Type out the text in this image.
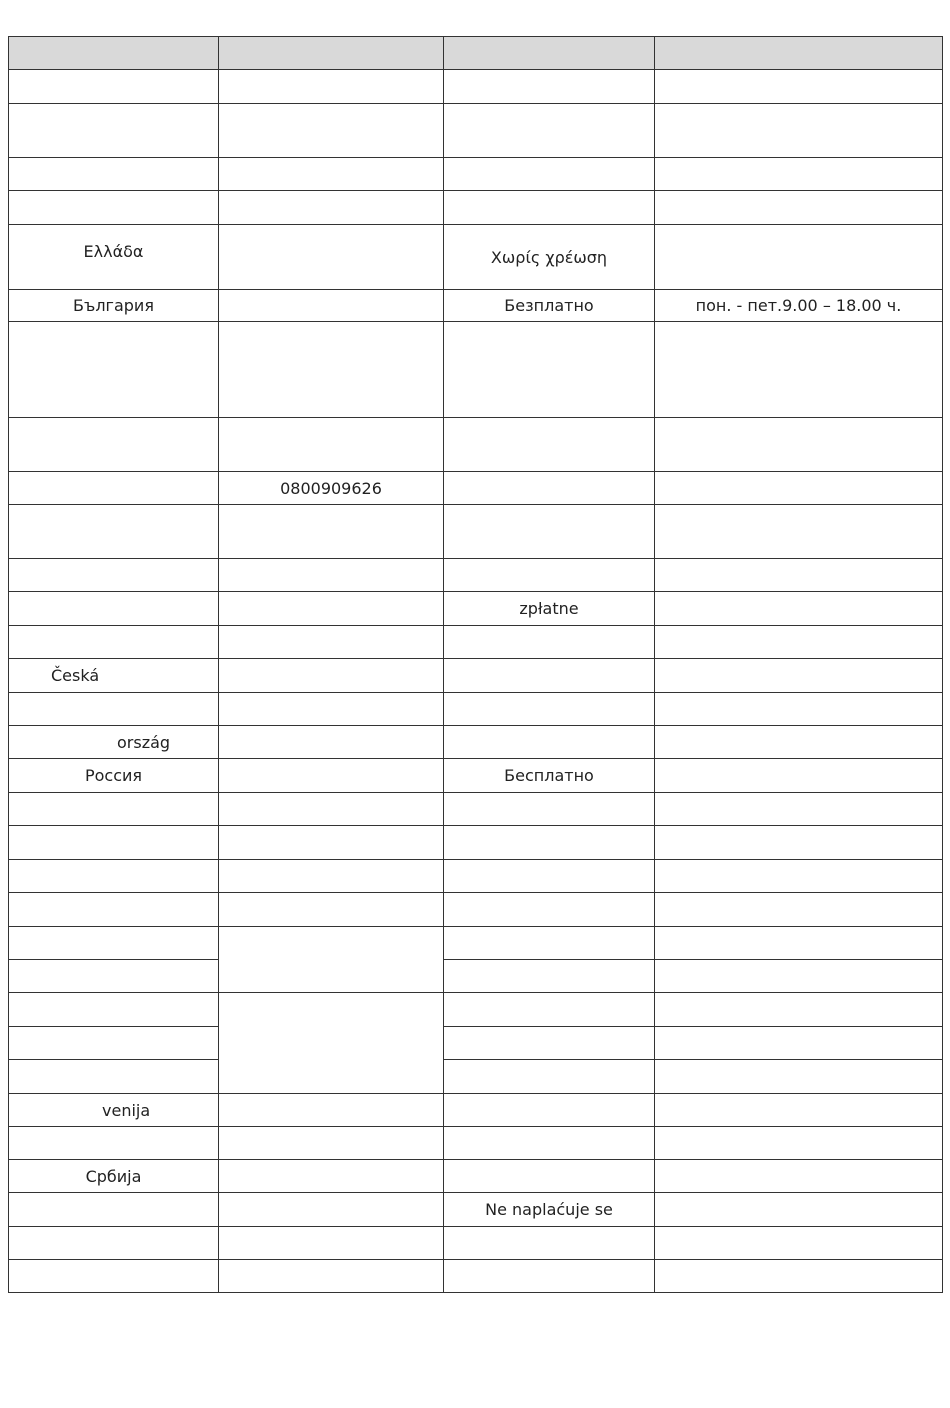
Ελλάδα		Χωρίς χρέωση	
България		Безплатно	пон. - пет.9.00 – 18.00 ч.

	0800909626		

		zpłatne	

Česká			

ország			
Россия		Бесплатно	

venija			

Србија			
		Ne naplaćuje se	
